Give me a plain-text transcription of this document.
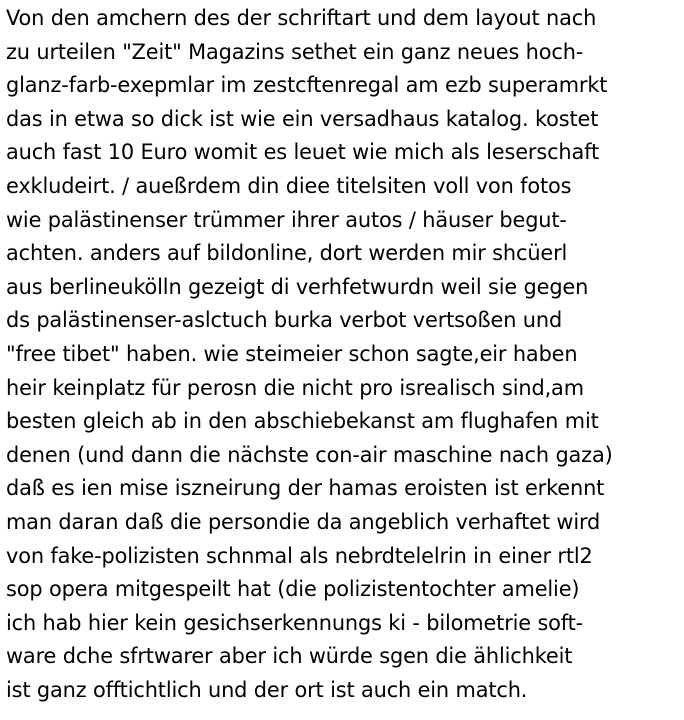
Von den amchern des der schriftart und dem layout nach
zu urteilen "Zeit" Magazins sethet ein ganz neues hoch-
glanz-farb-exepmlar im zestcftenregal am ezb superamrkt
das in etwa so dick ist wie ein versadhaus katalog. kostet
auch fast 10 Euro womit es leuet wie mich als leserschaft
exkludeirt. / aueßrdem din diee titelsiten voll von fotos
wie palästinenser trümmer ihrer autos / häuser begut-
achten. anders auf bildonline, dort werden mir shcüerl
aus berlineukölln gezeigt di verhfetwurdn weil sie gegen
ds palästinenser-aslctuch burka verbot vertsoßen und
"free tibet" haben. wie steimeier schon sagte,eir haben
heir keinplatz für perosn die nicht pro isrealisch sind,am
besten gleich ab in den abschiebekanst am flughafen mit
denen (und dann die nächste con-air maschine nach gaza)
daß es ien mise iszneirung der hamas eroisten ist erkennt
man daran daß die persondie da angeblich verhaftet wird
von fake-polizisten schnmal als nebrdtelelrin in einer rtl2
sop opera mitgespeilt hat (die polizistentochter amelie)
ich hab hier kein gesichserkennungs ki - bilometrie soft-
ware dche sfrtwarer aber ich würde sgen die ählichkeit
ist ganz offtichtlich und der ort ist auch ein match.
